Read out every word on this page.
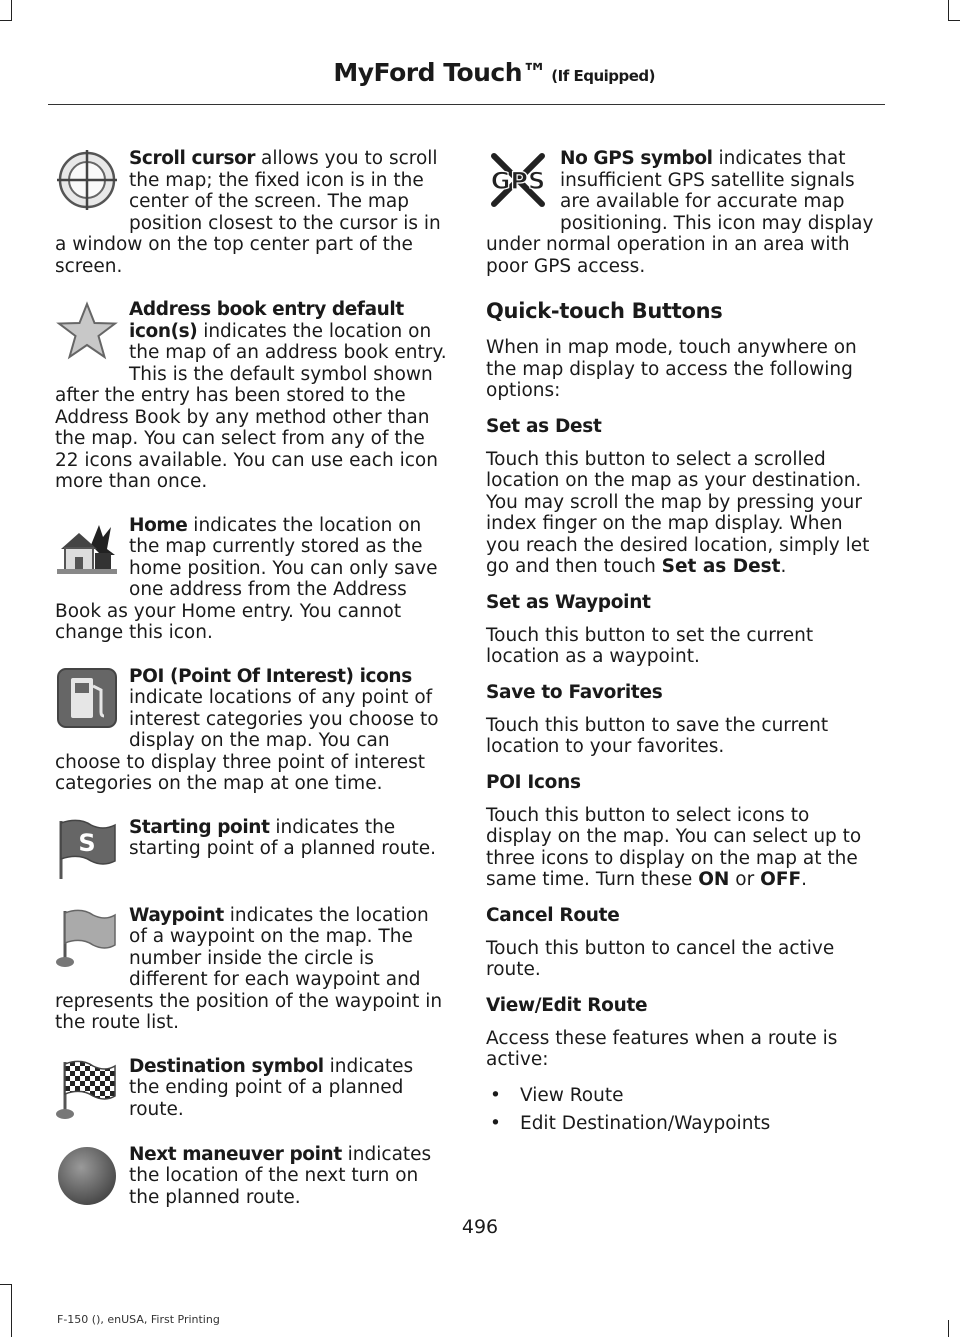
MyFord Touch™ (If Equipped)
Scroll cursor allows you to scroll the map; the fixed icon is in the center of the screen. The map position closest to the cursor is in a window on the top center part of the screen.
Address book entry default icon(s) indicates the location on the map of an address book entry. This is the default symbol shown after the entry has been stored to the Address Book by any method other than the map. You can select from any of the 22 icons available. You can use each icon more than once.
Home indicates the location on the map currently stored as the home position. You can only save one address from the Address Book as your Home entry. You cannot change this icon.
POI (Point Of Interest) icons indicate locations of any point of interest categories you choose to display on the map. You can choose to display three point of interest categories on the map at one time.
S
Starting point indicates the starting point of a planned route.
Waypoint indicates the location of a waypoint on the map. The number inside the circle is different for each waypoint and represents the position of the waypoint in the route list.
Destination symbol indicates the ending point of a planned route.
Next maneuver point indicates the location of the next turn on the planned route.
GPS
No GPS symbol indicates that insufficient GPS satellite signals are available for accurate map positioning. This icon may display under normal operation in an area with poor GPS access.
Quick-touch Buttons

When in map mode, touch anywhere on the map display to access the following options:

Set as Dest

Touch this button to select a scrolled location on the map as your destination. You may scroll the map by pressing your index finger on the map display. When you reach the desired location, simply let go and then touch Set as Dest.

Set as Waypoint

Touch this button to set the current location as a waypoint.

Save to Favorites

Touch this button to save the current location to your favorites.

POI Icons

Touch this button to select icons to display on the map. You can select up to three icons to display on the map at the same time. Turn these ON or OFF.

Cancel Route

Touch this button to cancel the active route.

View/Edit Route

Access these features when a route is active:

• View Route
• Edit Destination/Waypoints
496
F-150 (), enUSA, First Printing
